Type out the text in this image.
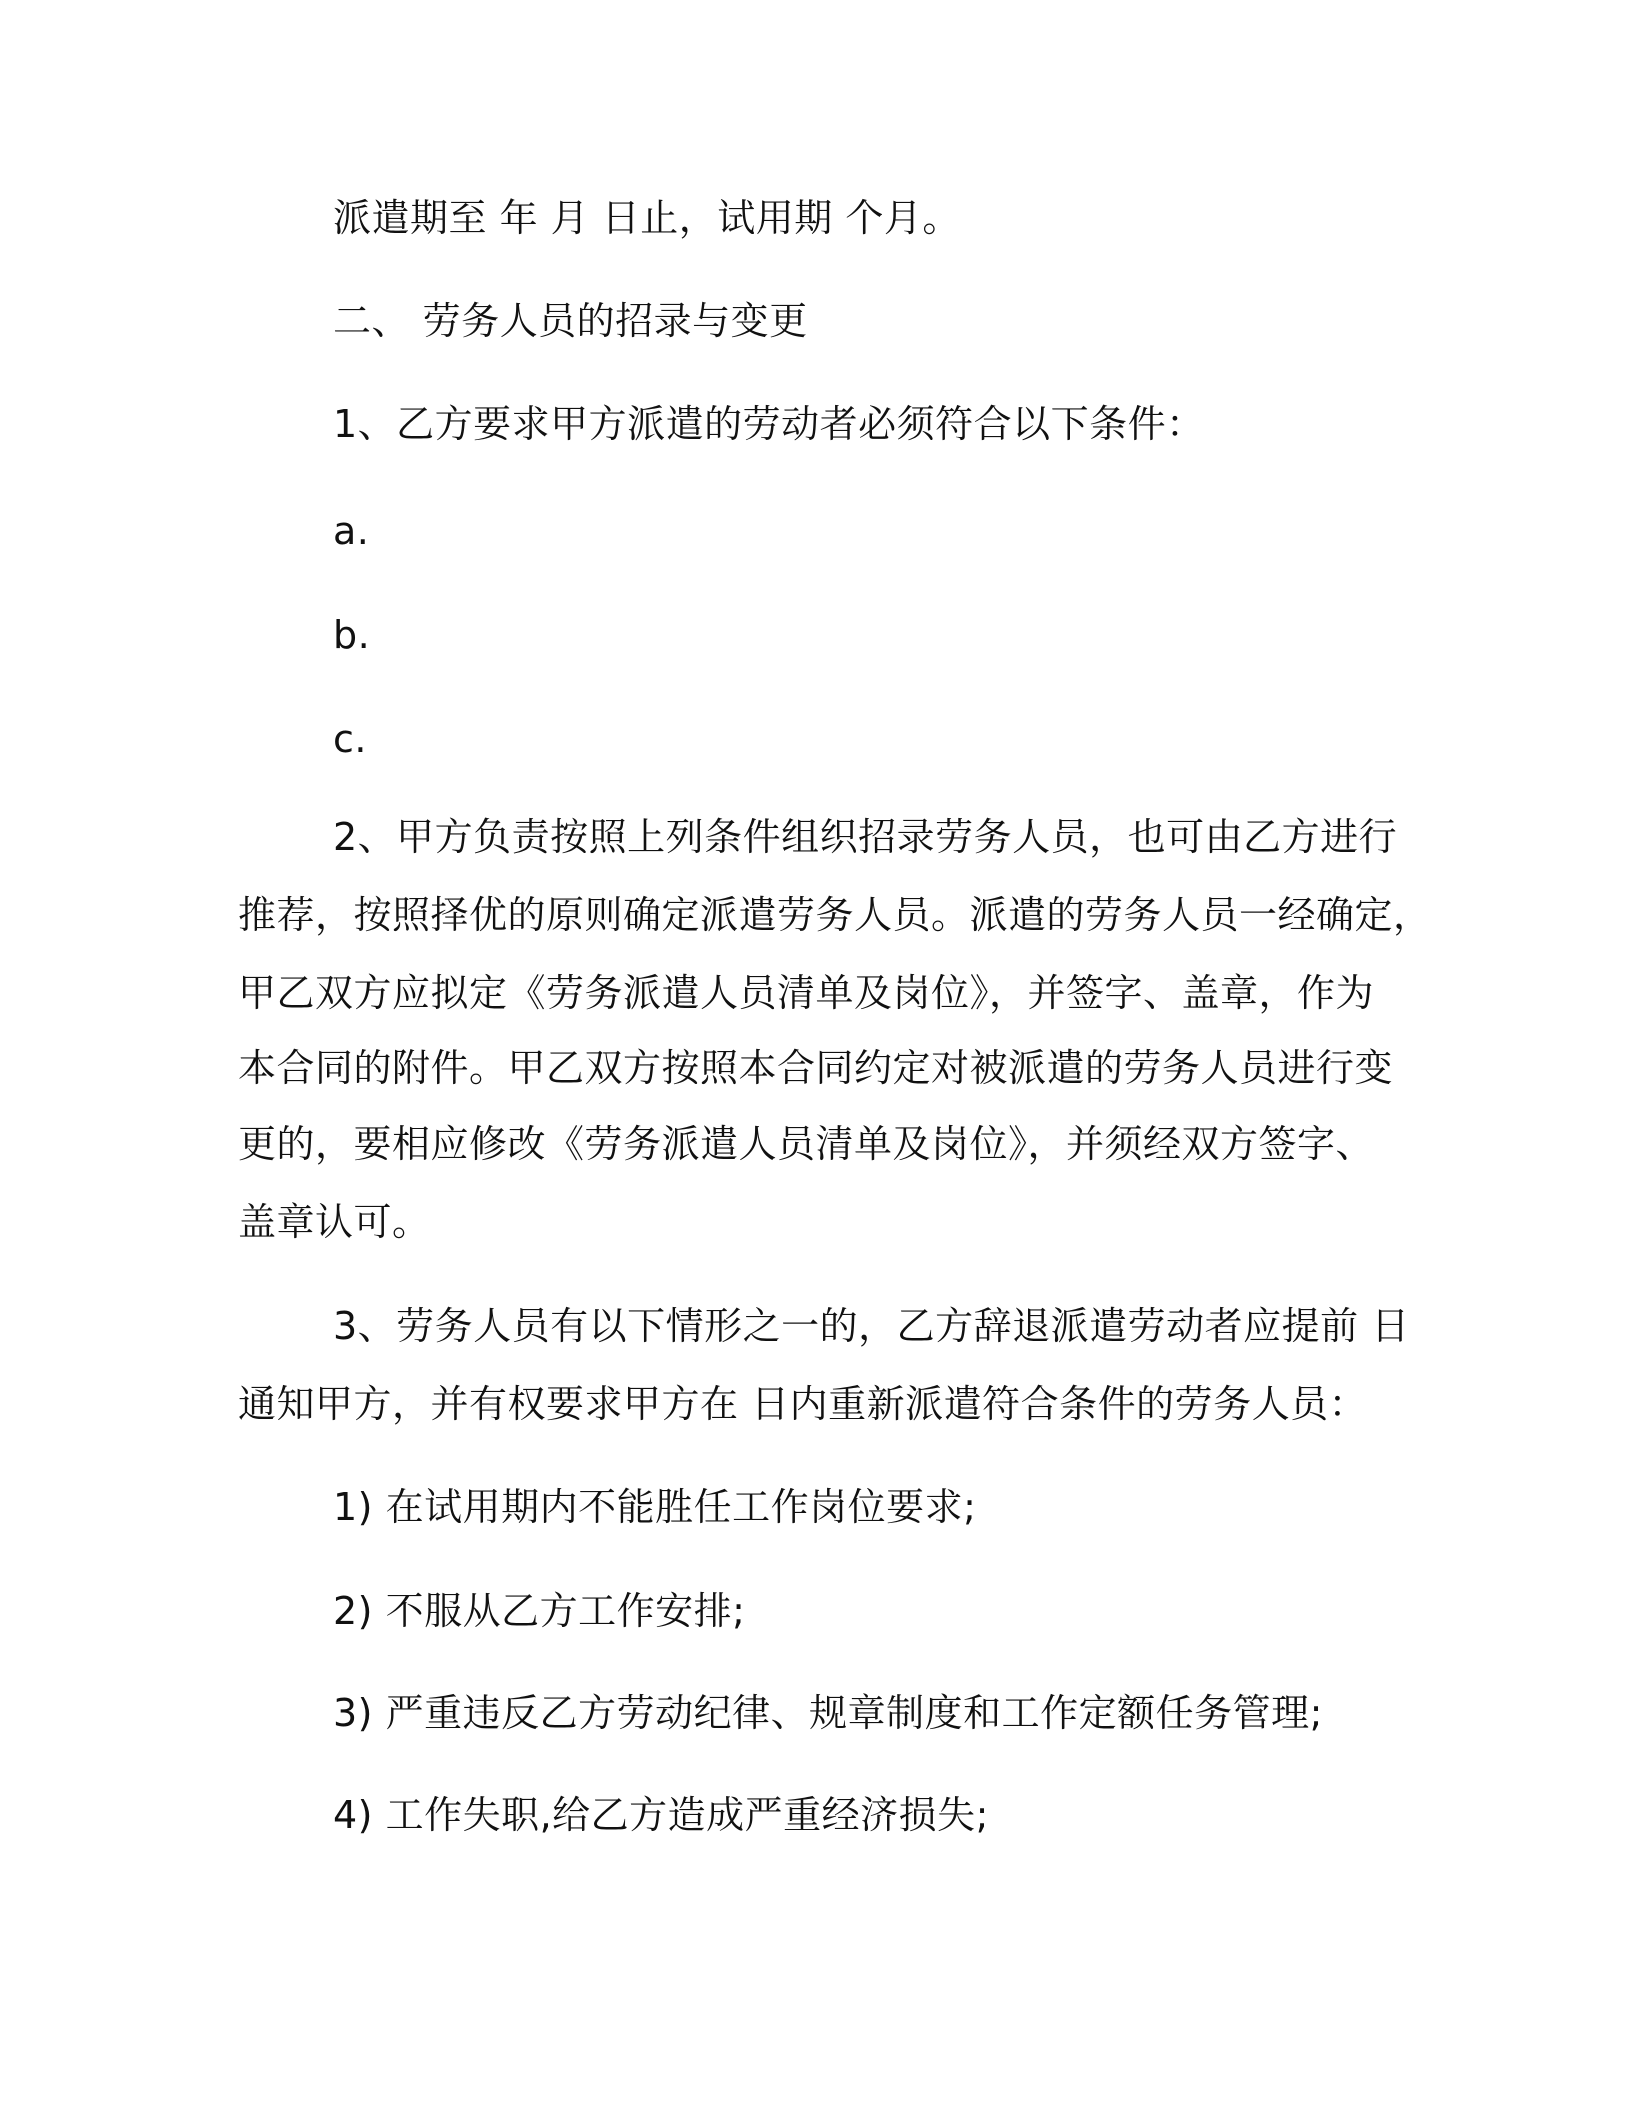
派遣期至 年 月 日止，试用期 个月。
二、 劳务人员的招录与变更
1、乙方要求甲方派遣的劳动者必须符合以下条件：
a.
b.
c.
2、甲方负责按照上列条件组织招录劳务人员，也可由乙方进行
推荐，按照择优的原则确定派遣劳务人员。派遣的劳务人员一经确定，
甲乙双方应拟定《劳务派遣人员清单及岗位》，并签字、盖章，作为
本合同的附件。甲乙双方按照本合同约定对被派遣的劳务人员进行变
更的，要相应修改《劳务派遣人员清单及岗位》，并须经双方签字、
盖章认可。
3、劳务人员有以下情形之一的，乙方辞退派遣劳动者应提前 日
通知甲方，并有权要求甲方在 日内重新派遣符合条件的劳务人员：
1) 在试用期内不能胜任工作岗位要求;
2) 不服从乙方工作安排;
3) 严重违反乙方劳动纪律、规章制度和工作定额任务管理;
4) 工作失职,给乙方造成严重经济损失;
